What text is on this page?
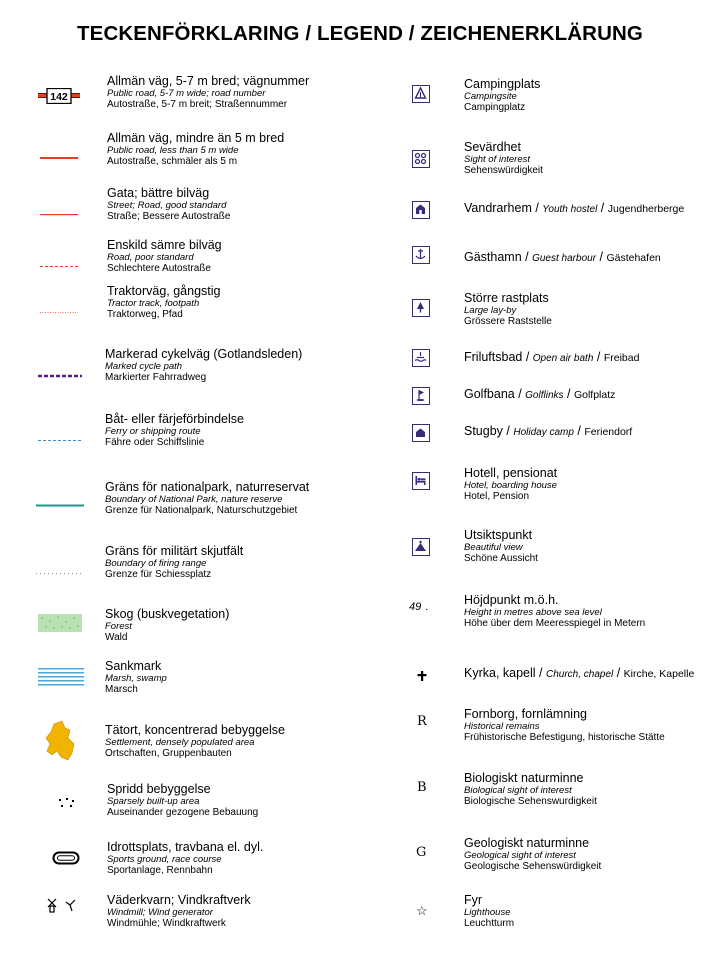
TECKENFÖRKLARING / LEGEND / ZEICHENERKLÄRUNG
142
Allmän väg, 5-7 m bred; vägnummer
Public road, 5-7 m wide; road number
Autostraße, 5-7 m breit; Straßennummer
Allmän väg, mindre än 5 m bred
Public road, less than 5 m wide
Autostraße, schmäler als 5 m
Gata; bättre bilväg
Street; Road, good standard
Straße; Bessere Autostraße
Enskild sämre bilväg
Road, poor standard
Schlechtere Autostraße
Traktorväg, gångstig
Tractor track, footpath
Traktorweg, Pfad
Markerad cykelväg (Gotlandsleden)
Marked cycle path
Markierter Fahrradweg
Båt- eller färjeförbindelse
Ferry or shipping route
Fähre oder Schiffslinie
Gräns för nationalpark, naturreservat
Boundary of National Park, nature reserve
Grenze für Nationalpark, Naturschutzgebiet
Gräns för militärt skjutfält
Boundary of firing range
Grenze für Schiessplatz
Skog (buskvegetation)
Forest
Wald
Sankmark
Marsh, swamp
Marsch
Tätort, koncentrerad bebyggelse
Settlement, densely populated area
Ortschaften, Gruppenbauten
Spridd bebyggelse
Sparsely built-up area
Auseinander gezogene Bebauung
Idrottsplats, travbana el. dyl.
Sports ground, race course
Sportanlage, Rennbahn
Väderkvarn; Vindkraftverk
Windmill; Wind generator
Windmühle; Windkraftwerk
Campingplats
Campingsite
Campingplatz
Sevärdhet
Sight of interest
Sehenswürdigkeit
Vandrarhem / Youth hostel / Jugendherberge
Gästhamn / Guest harbour / Gästehafen
Större rastplats
Large lay-by
Grössere Raststelle
Friluftsbad / Open air bath / Freibad
Golfbana / Golflinks / Golfplatz
Stugby / Holiday camp / Feriendorf
Hotell, pensionat
Hotel, boarding house
Hotel, Pension
Utsiktspunkt
Beautiful view
Schöne Aussicht
49 .	Höjdpunkt m.ö.h.
Height in metres above sea level
Höhe über dem Meeresspiegel in Metern
Kyrka, kapell / Church, chapel / Kirche, Kapelle
R	Fornborg, fornlämning
Historical remains
Frühistorische Befestigung, historische Stätte
B
Biologiskt naturminne
Biological sight of interest
Biologische Sehenswurdigkeit
G
Geologiskt naturminne
Geological sight of interest
Geologische Sehenswürdigkeit
☆
Fyr
Lighthouse
Leuchtturm
